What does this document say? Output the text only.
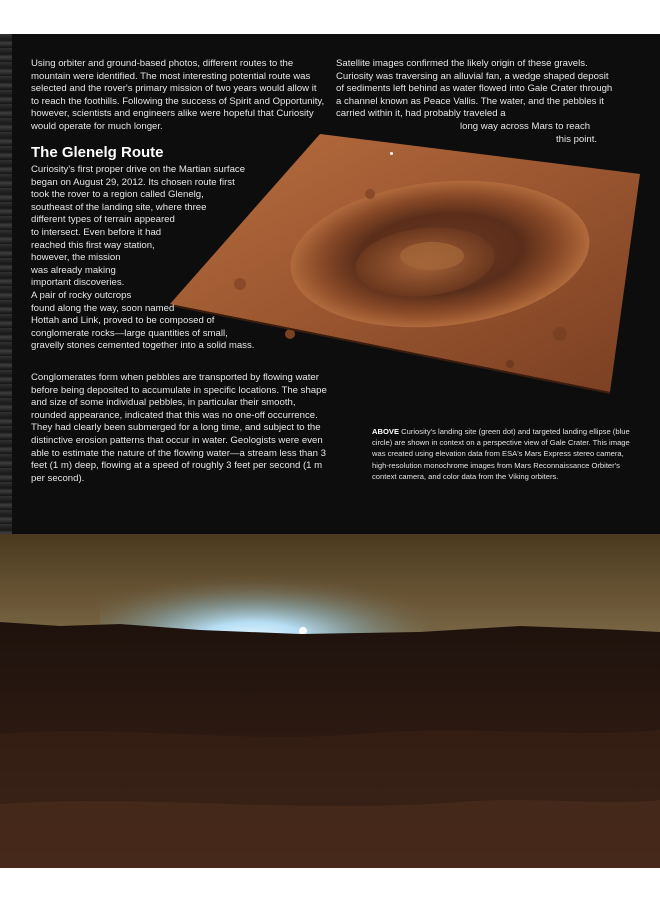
Using orbiter and ground-based photos, different routes to the mountain were identified. The most interesting potential route was selected and the rover's primary mission of two years would allow it to reach the foothills. Following the success of Spirit and Opportunity, however, scientists and engineers alike were hopeful that Curiosity would operate for much longer.

Satellite images confirmed the likely origin of these gravels. Curiosity was traversing an alluvial fan, a wedge shaped deposit of sediments left behind as water flowed into Gale Crater through a channel known as Peace Vallis. The water, and the pebbles it carried within it, had probably traveled a
long way across Mars to reach
this point.
The Glenelg Route
Curiosity's first proper drive on the Martian surface
began on August 29, 2012. Its chosen route first
took the rover to a region called Glenelg,
southeast of the landing site, where three
different types of terrain appeared
to intersect. Even before it had
reached this first way station,
however, the mission
was already making
important discoveries.
A pair of rocky outcrops
found along the way, soon named
Hottah and Link, proved to be composed of
conglomerate rocks—large quantities of small,
gravelly stones cemented together into a solid mass.

Conglomerates form when pebbles are transported by flowing water before being deposited to accumulate in specific locations. The shape and size of some individual pebbles, in particular their smooth, rounded appearance, indicated that this was no one-off occurrence. They had clearly been submerged for a long time, and subject to the distinctive erosion patterns that occur in water. Geologists were even able to estimate the nature of the flowing water—a stream less than 3 feet (1 m) deep, flowing at a speed of roughly 3 feet per second (1 m per second).

ABOVE Curiosity's landing site (green dot) and targeted landing ellipse (blue circle) are shown in context on a perspective view of Gale Crater. This image was created using elevation data from ESA's Mars Express stereo camera, high-resolution monochrome images from Mars Reconnaissance Orbiter's context camera, and color data from the Viking orbiters.
